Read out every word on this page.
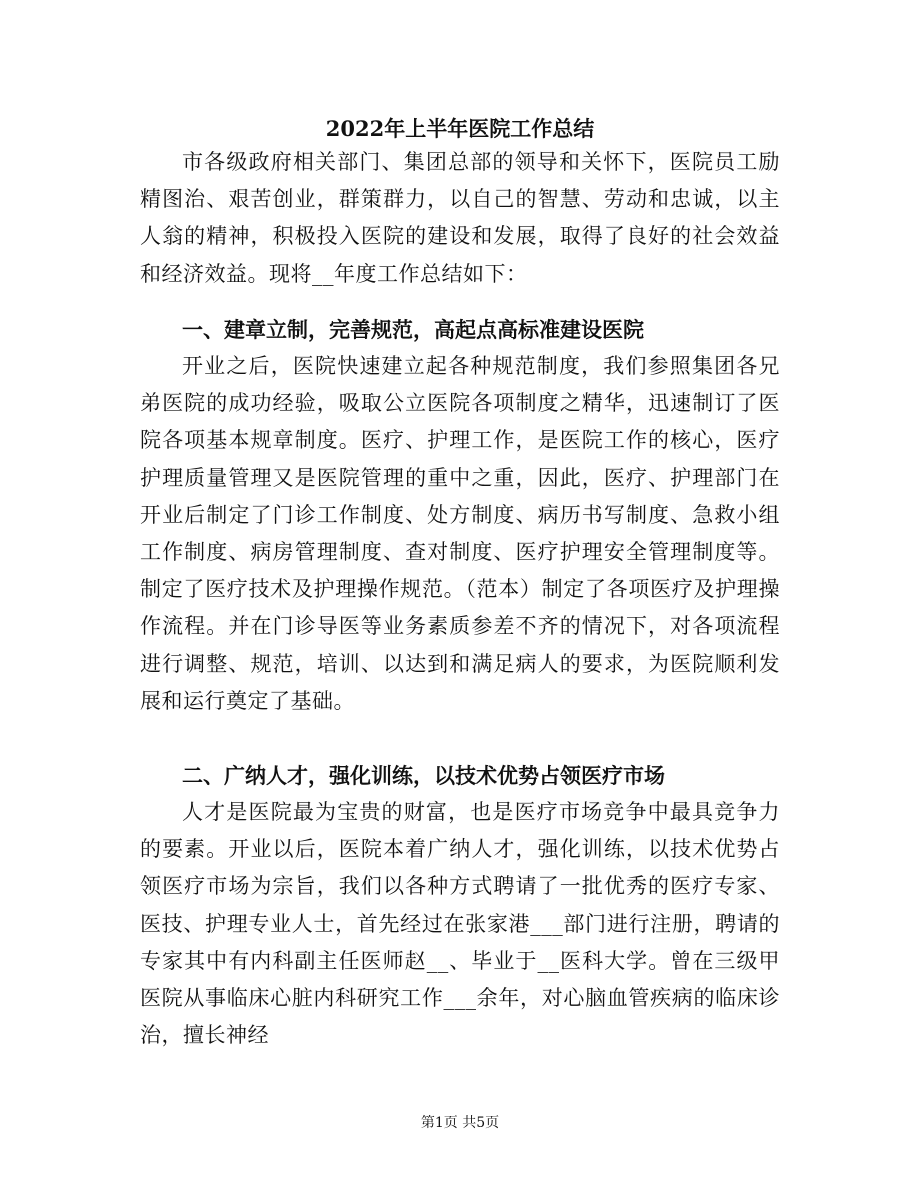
2022年上半年医院工作总结

市各级政府相关部门、集团总部的领导和关怀下，医院员工励精图治、艰苦创业，群策群力，以自己的智慧、劳动和忠诚，以主人翁的精神，积极投入医院的建设和发展，取得了良好的社会效益和经济效益。现将__年度工作总结如下：

一、建章立制，完善规范，高起点高标准建设医院

开业之后，医院快速建立起各种规范制度，我们参照集团各兄弟医院的成功经验，吸取公立医院各项制度之精华，迅速制订了医院各项基本规章制度。医疗、护理工作，是医院工作的核心，医疗护理质量管理又是医院管理的重中之重，因此，医疗、护理部门在开业后制定了门诊工作制度、处方制度、病历书写制度、急救小组工作制度、病房管理制度、查对制度、医疗护理安全管理制度等。制定了医疗技术及护理操作规范。（范本）制定了各项医疗及护理操作流程。并在门诊导医等业务素质参差不齐的情况下，对各项流程进行调整、规范，培训、以达到和满足病人的要求，为医院顺利发展和运行奠定了基础。

二、广纳人才，强化训练，以技术优势占领医疗市场

人才是医院最为宝贵的财富，也是医疗市场竞争中最具竞争力的要素。开业以后，医院本着广纳人才，强化训练，以技术优势占领医疗市场为宗旨，我们以各种方式聘请了一批优秀的医疗专家、医技、护理专业人士，首先经过在张家港___部门进行注册，聘请的专家其中有内科副主任医师赵__、毕业于__医科大学。曾在三级甲医院从事临床心脏内科研究工作___余年，对心脑血管疾病的临床诊治，擅长神经

第1页 共5页
